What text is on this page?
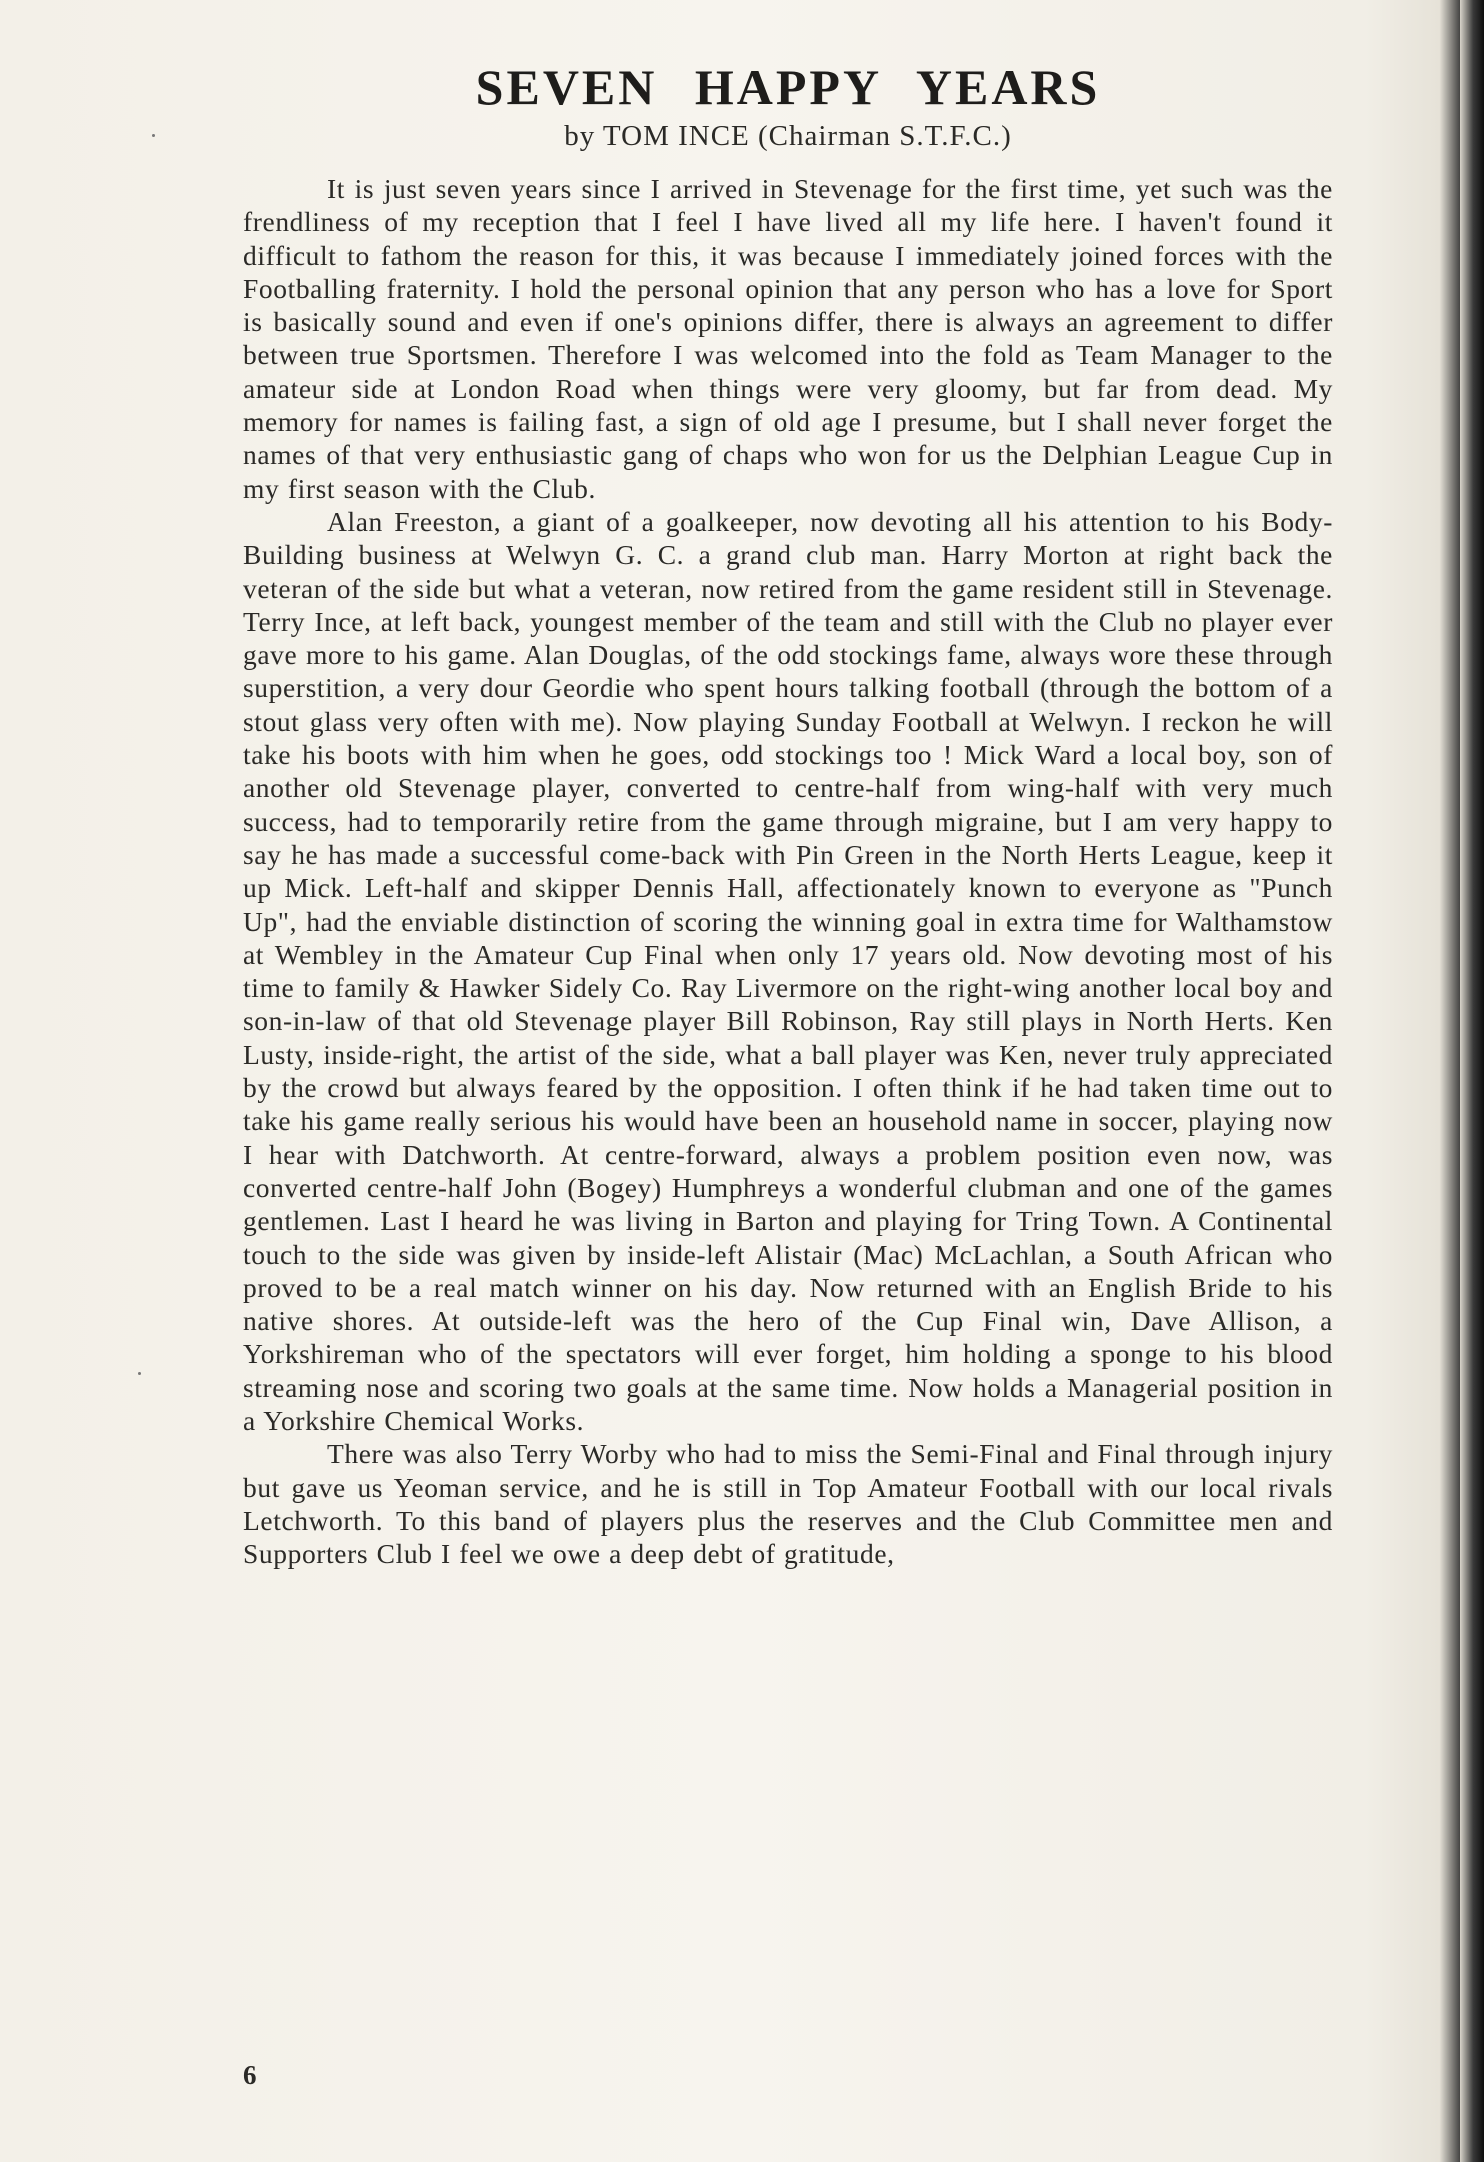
SEVEN HAPPY YEARS
by TOM INCE (Chairman S.T.F.C.)

It is just seven years since I arrived in Stevenage for the first time, yet such was the frendliness of my reception that I feel I have lived all my life here. I haven't found it difficult to fathom the reason for this, it was because I immediately joined forces with the Footballing fraternity. I hold the personal opinion that any person who has a love for Sport is basically sound and even if one's opinions differ, there is always an agreement to differ between true Sportsmen. Therefore I was welcomed into the fold as Team Manager to the amateur side at London Road when things were very gloomy, but far from dead. My memory for names is failing fast, a sign of old age I presume, but I shall never forget the names of that very enthusiastic gang of chaps who won for us the Delphian League Cup in my first season with the Club.

Alan Freeston, a giant of a goalkeeper, now devoting all his attention to his Body-Building business at Welwyn G. C. a grand club man. Harry Morton at right back the veteran of the side but what a veteran, now retired from the game resident still in Stevenage. Terry Ince, at left back, youngest member of the team and still with the Club no player ever gave more to his game. Alan Douglas, of the odd stockings fame, always wore these through superstition, a very dour Geordie who spent hours talking football (through the bottom of a stout glass very often with me). Now playing Sunday Football at Welwyn. I reckon he will take his boots with him when he goes, odd stockings too ! Mick Ward a local boy, son of another old Stevenage player, converted to centre-half from wing-half with very much success, had to temporarily retire from the game through migraine, but I am very happy to say he has made a successful come-back with Pin Green in the North Herts League, keep it up Mick. Left-half and skipper Dennis Hall, affectionately known to everyone as "Punch Up", had the enviable distinction of scoring the winning goal in extra time for Walthamstow at Wembley in the Amateur Cup Final when only 17 years old. Now devoting most of his time to family & Hawker Sidely Co. Ray Livermore on the right-wing another local boy and son-in-law of that old Stevenage player Bill Robinson, Ray still plays in North Herts. Ken Lusty, inside-right, the artist of the side, what a ball player was Ken, never truly appreciated by the crowd but always feared by the opposition. I often think if he had taken time out to take his game really serious his would have been an household name in soccer, playing now I hear with Datchworth. At centre-forward, always a problem position even now, was converted centre-half John (Bogey) Humphreys a wonderful clubman and one of the games gentlemen. Last I heard he was living in Barton and playing for Tring Town. A Continental touch to the side was given by inside-left Alistair (Mac) McLachlan, a South African who proved to be a real match winner on his day. Now returned with an English Bride to his native shores. At outside-left was the hero of the Cup Final win, Dave Allison, a Yorkshireman who of the spectators will ever forget, him holding a sponge to his blood streaming nose and scoring two goals at the same time. Now holds a Managerial position in a Yorkshire Chemical Works.

There was also Terry Worby who had to miss the Semi-Final and Final through injury but gave us Yeoman service, and he is still in Top Amateur Football with our local rivals Letchworth. To this band of players plus the reserves and the Club Committee men and Supporters Club I feel we owe a deep debt of gratitude,

6
